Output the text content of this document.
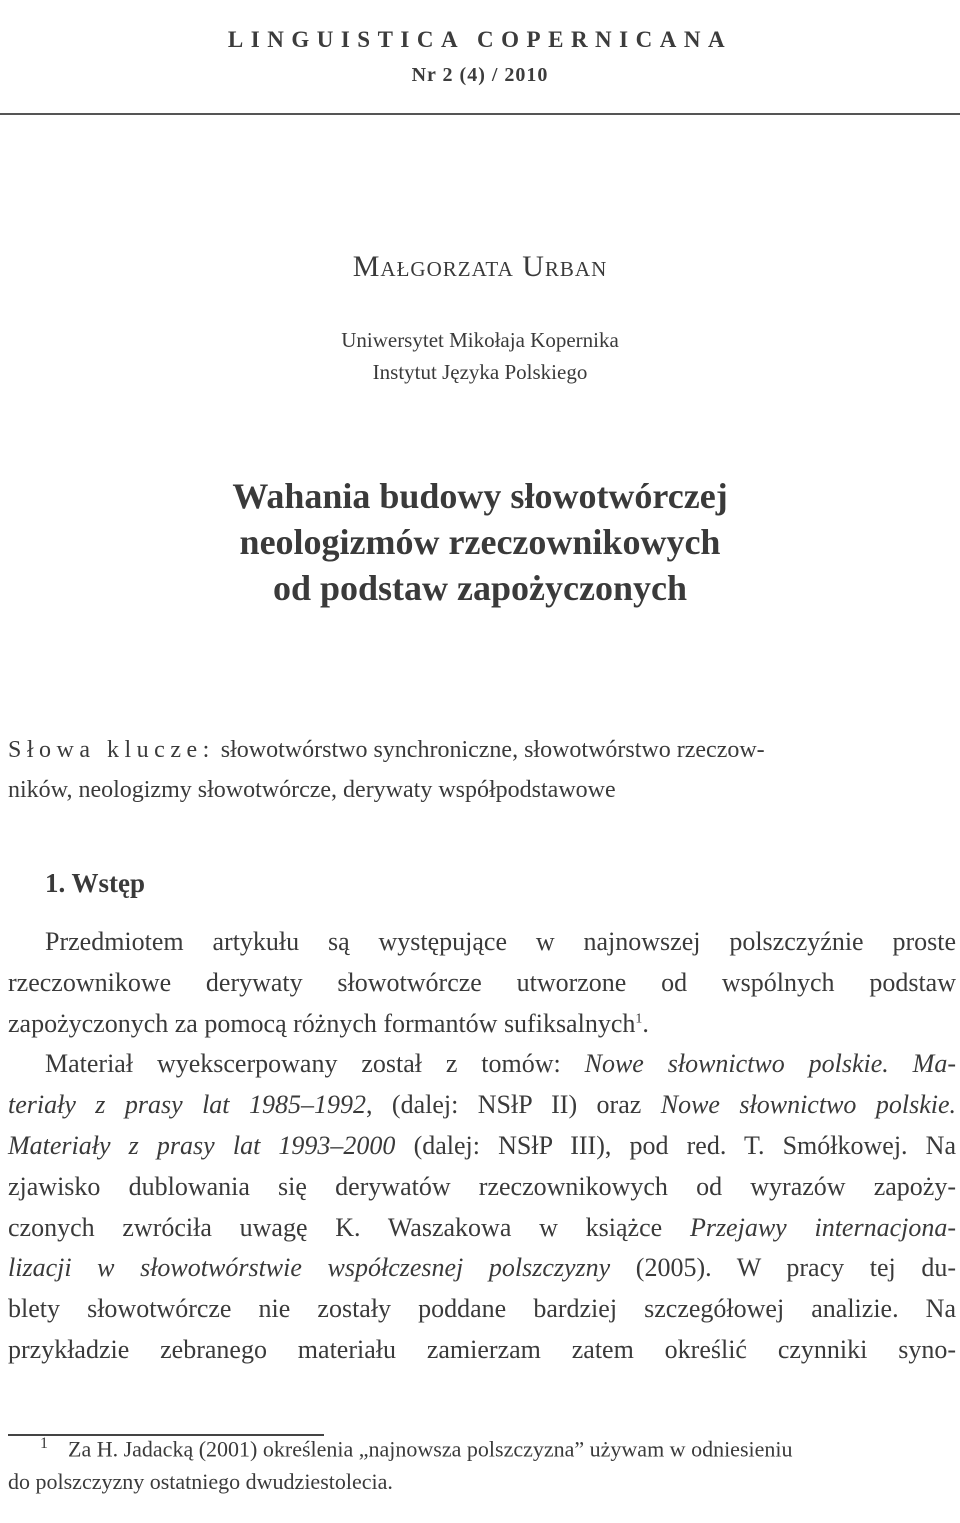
LINGUISTICA COPERNICANA
Nr 2 (4) / 2010
Małgorzata Urban
Uniwersytet Mikołaja Kopernika
Instytut Języka Polskiego
Wahania budowy słowotwórczej
neologizmów rzeczownikowych
od podstaw zapożyczonych
Słowa klucze: słowotwórstwo synchroniczne, słowotwórstwo rzeczow-
ników, neologizmy słowotwórcze, derywaty współpodstawowe
1. Wstęp
Przedmiotem artykułu są występujące w najnowszej polszczyźnie proste
rzeczownikowe derywaty słowotwórcze utworzone od wspólnych podstaw
zapożyczonych za pomocą różnych formantów sufiksalnych$^1$.
Materiał wyekscerpowany został z tomów: Nowe słownictwo polskie. Ma-
teriały z prasy lat 1985–1992, (dalej: NSłP II) oraz Nowe słownictwo polskie.
Materiały z prasy lat 1993–2000 (dalej: NSłP III), pod red. T. Smółkowej. Na
zjawisko dublowania się derywatów rzeczownikowych od wyrazów zapoży-
czonych zwróciła uwagę K. Waszakowa w książce Przejawy internacjona-
lizacji w słowotwórstwie współczesnej polszczyzny (2005). W pracy tej du-
blety słowotwórcze nie zostały poddane bardziej szczegółowej analizie. Na
przykładzie zebranego materiału zamierzam zatem określić czynniki syno-
$^1$ Za H. Jadacką (2001) określenia „najnowsza polszczyzna” używam w odniesieniu
do polszczyzny ostatniego dwudziestolecia.
